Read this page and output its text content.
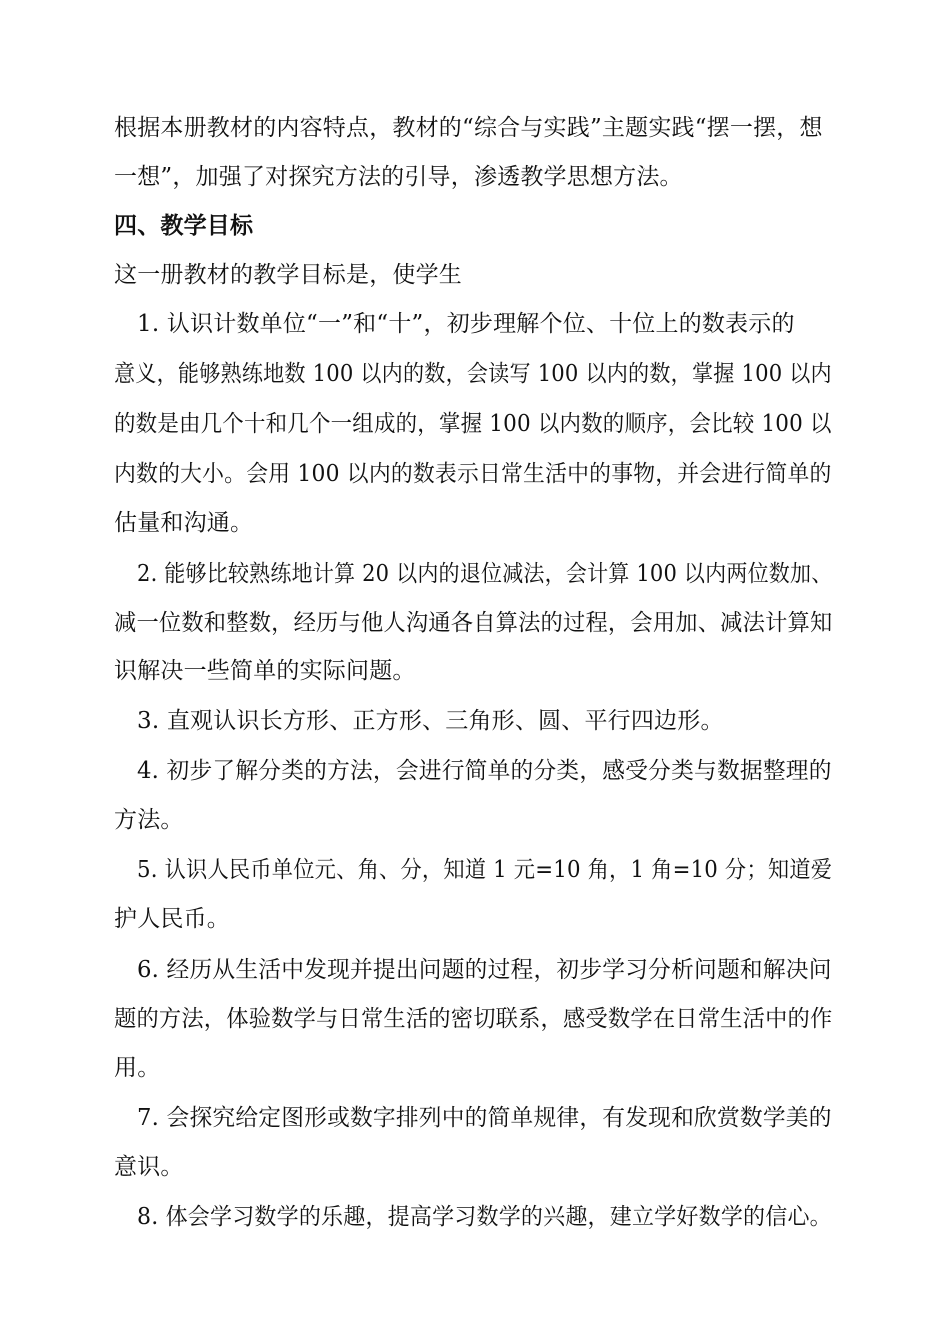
根据本册教材的内容特点，教材的“综合与实践”主题实践“摆一摆，想
一想”，加强了对探究方法的引导，渗透教学思想方法。
四、教学目标
这一册教材的教学目标是，使学生
1. 认识计数单位“一”和“十”，初步理解个位、十位上的数表示的
意义，能够熟练地数 100 以内的数，会读写 100 以内的数，掌握 100 以内
的数是由几个十和几个一组成的，掌握 100 以内数的顺序，会比较 100 以
内数的大小。会用 100 以内的数表示日常生活中的事物，并会进行简单的
估量和沟通。
2. 能够比较熟练地计算 20 以内的退位减法，会计算 100 以内两位数加、
减一位数和整数，经历与他人沟通各自算法的过程，会用加、减法计算知
识解决一些简单的实际问题。
3. 直观认识长方形、正方形、三角形、圆、平行四边形。
4. 初步了解分类的方法，会进行简单的分类，感受分类与数据整理的
方法。
5. 认识人民币单位元、角、分，知道 1 元=10 角，1 角=10 分；知道爱
护人民币。
6. 经历从生活中发现并提出问题的过程，初步学习分析问题和解决问
题的方法，体验数学与日常生活的密切联系，感受数学在日常生活中的作
用。
7. 会探究给定图形或数字排列中的简单规律，有发现和欣赏数学美的
意识。
8. 体会学习数学的乐趣，提高学习数学的兴趣，建立学好数学的信心。
